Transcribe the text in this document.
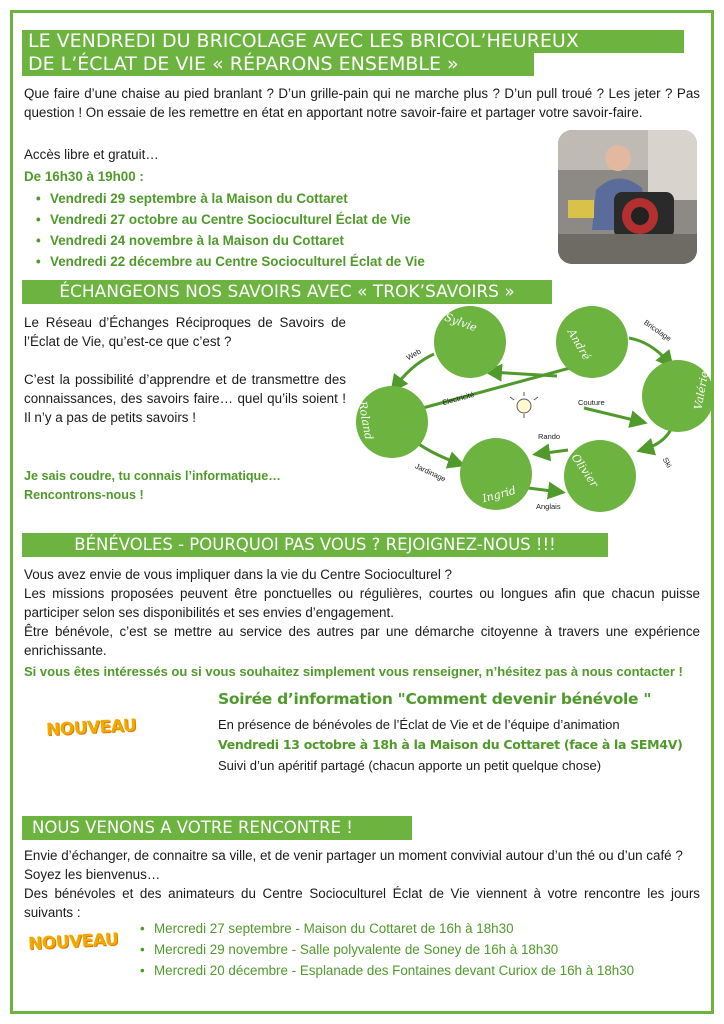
LE VENDREDI DU BRICOLAGE AVEC LES BRICOL’HEUREUX
DE L’ÉCLAT DE VIE « RÉPARONS ENSEMBLE »
Que faire d’une chaise au pied branlant ? D’un grille-pain qui ne marche plus ? D’un pull troué ? Les jeter ? Pas question ! On essaie de les remettre en état en apportant notre savoir-faire et partager votre savoir-faire.
Accès libre et gratuit…
De 16h30 à 19h00 :
• Vendredi 29 septembre à la Maison du Cottaret
• Vendredi 27 octobre au Centre Socioculturel Éclat de Vie
• Vendredi 24 novembre à la Maison du Cottaret
• Vendredi 22 décembre au Centre Socioculturel Éclat de Vie
ÉCHANGEONS NOS SAVOIRS AVEC « TROK’SAVOIRS »
Le Réseau d’Échanges Réciproques de Savoirs de l’Éclat de Vie, qu’est-ce que c’est ?
C’est la possibilité d’apprendre et de transmettre des connaissances, des savoirs faire… quel qu’ils soient ! Il n’y a pas de petits savoirs !
Je sais coudre, tu connais l’informatique… Rencontrons-nous !
Sylvie
André
Valérie
Roland
Ingrid
Olivier
Web
Bricolage
Electricité	Couture
Rando
Jardinage	Ski
Anglais
BÉNÉVOLES - POURQUOI PAS VOUS ? REJOIGNEZ-NOUS !!!
Vous avez envie de vous impliquer dans la vie du Centre Socioculturel ?
Les missions proposées peuvent être ponctuelles ou régulières, courtes ou longues afin que chacun puisse participer selon ses disponibilités et ses envies d’engagement.
Être bénévole, c’est se mettre au service des autres par une démarche citoyenne à travers une expérience enrichissante.
Si vous êtes intéressés ou si vous souhaitez simplement vous renseigner, n’hésitez pas à nous contacter !
NOUVEAU
Soirée d’information "Comment devenir bénévole "
En présence de bénévoles de l’Éclat de Vie et de l’équipe d’animation
Vendredi 13 octobre à 18h à la Maison du Cottaret (face à la SEM4V)
Suivi d’un apéritif partagé (chacun apporte un petit quelque chose)
NOUS VENONS A VOTRE RENCONTRE !
Envie d’échanger, de connaitre sa ville, et de venir partager un moment convivial autour d’un thé ou d’un café ? Soyez les bienvenus…
Des bénévoles et des animateurs du Centre Socioculturel Éclat de Vie viennent à votre rencontre les jours suivants :
NOUVEAU
• Mercredi 27 septembre - Maison du Cottaret de 16h à 18h30
• Mercredi 29 novembre - Salle polyvalente de Soney de 16h à 18h30
• Mercredi 20 décembre - Esplanade des Fontaines devant Curiox de 16h à 18h30
